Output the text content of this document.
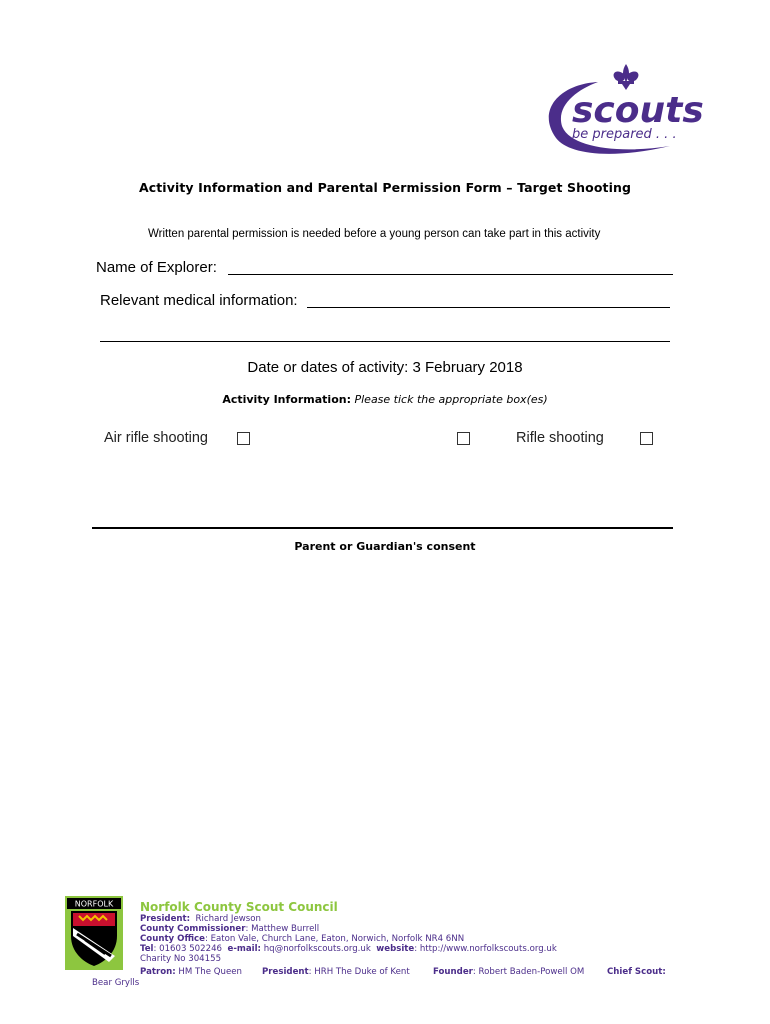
scouts
be prepared . . .
Activity Information and Parental Permission Form – Target Shooting
Written parental permission is needed before a young person can take part in this activity
Name of Explorer:
Relevant medical information:
Date or dates of activity: 3 February 2018
Activity Information: Please tick the appropriate box(es)
Air rifle shooting	Rifle shooting
Parent or Guardian's consent
NORFOLK Norfolk County Scout Council
President: Richard Jewson
County Commissioner: Matthew Burrell
County Office: Eaton Vale, Church Lane, Eaton, Norwich, Norfolk NR4 6NN
Tel: 01603 502246 e-mail: hq@norfolkscouts.org.uk website: http://www.norfolkscouts.org.uk
Charity No 304155
Patron: HM The Queen President: HRH The Duke of Kent	Founder: Robert Baden-Powell OM	Chief Scout:
Bear Grylls
